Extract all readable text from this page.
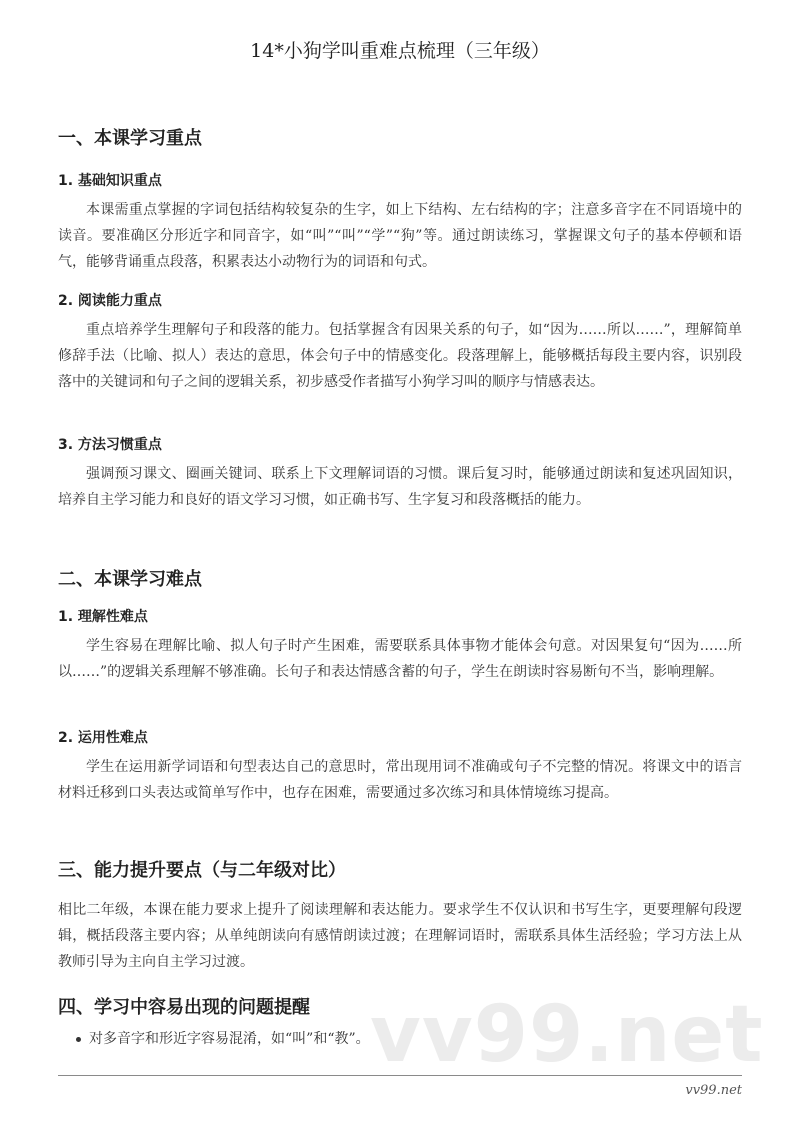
vv99.net
14*小狗学叫重难点梳理（三年级）
一、本课学习重点
1. 基础知识重点
本课需重点掌握的字词包括结构较复杂的生字，如上下结构、左右结构的字；注意多音字在不同语境中的读音。要准确区分形近字和同音字，如“叫”“叫”“学”“狗”等。通过朗读练习，掌握课文句子的基本停顿和语气，能够背诵重点段落，积累表达小动物行为的词语和句式。
2. 阅读能力重点
重点培养学生理解句子和段落的能力。包括掌握含有因果关系的句子，如“因为……所以……”，理解简单修辞手法（比喻、拟人）表达的意思，体会句子中的情感变化。段落理解上，能够概括每段主要内容，识别段落中的关键词和句子之间的逻辑关系，初步感受作者描写小狗学习叫的顺序与情感表达。
3. 方法习惯重点
强调预习课文、圈画关键词、联系上下文理解词语的习惯。课后复习时，能够通过朗读和复述巩固知识，培养自主学习能力和良好的语文学习习惯，如正确书写、生字复习和段落概括的能力。
二、本课学习难点
1. 理解性难点
学生容易在理解比喻、拟人句子时产生困难，需要联系具体事物才能体会句意。对因果复句“因为……所以……”的逻辑关系理解不够准确。长句子和表达情感含蓄的句子，学生在朗读时容易断句不当，影响理解。
2. 运用性难点
学生在运用新学词语和句型表达自己的意思时，常出现用词不准确或句子不完整的情况。将课文中的语言材料迁移到口头表达或简单写作中，也存在困难，需要通过多次练习和具体情境练习提高。
三、能力提升要点（与二年级对比）
相比二年级，本课在能力要求上提升了阅读理解和表达能力。要求学生不仅认识和书写生字，更要理解句段逻辑，概括段落主要内容；从单纯朗读向有感情朗读过渡；在理解词语时，需联系具体生活经验；学习方法上从教师引导为主向自主学习过渡。
四、学习中容易出现的问题提醒
对多音字和形近字容易混淆，如“叫”和“教”。
vv99.net
